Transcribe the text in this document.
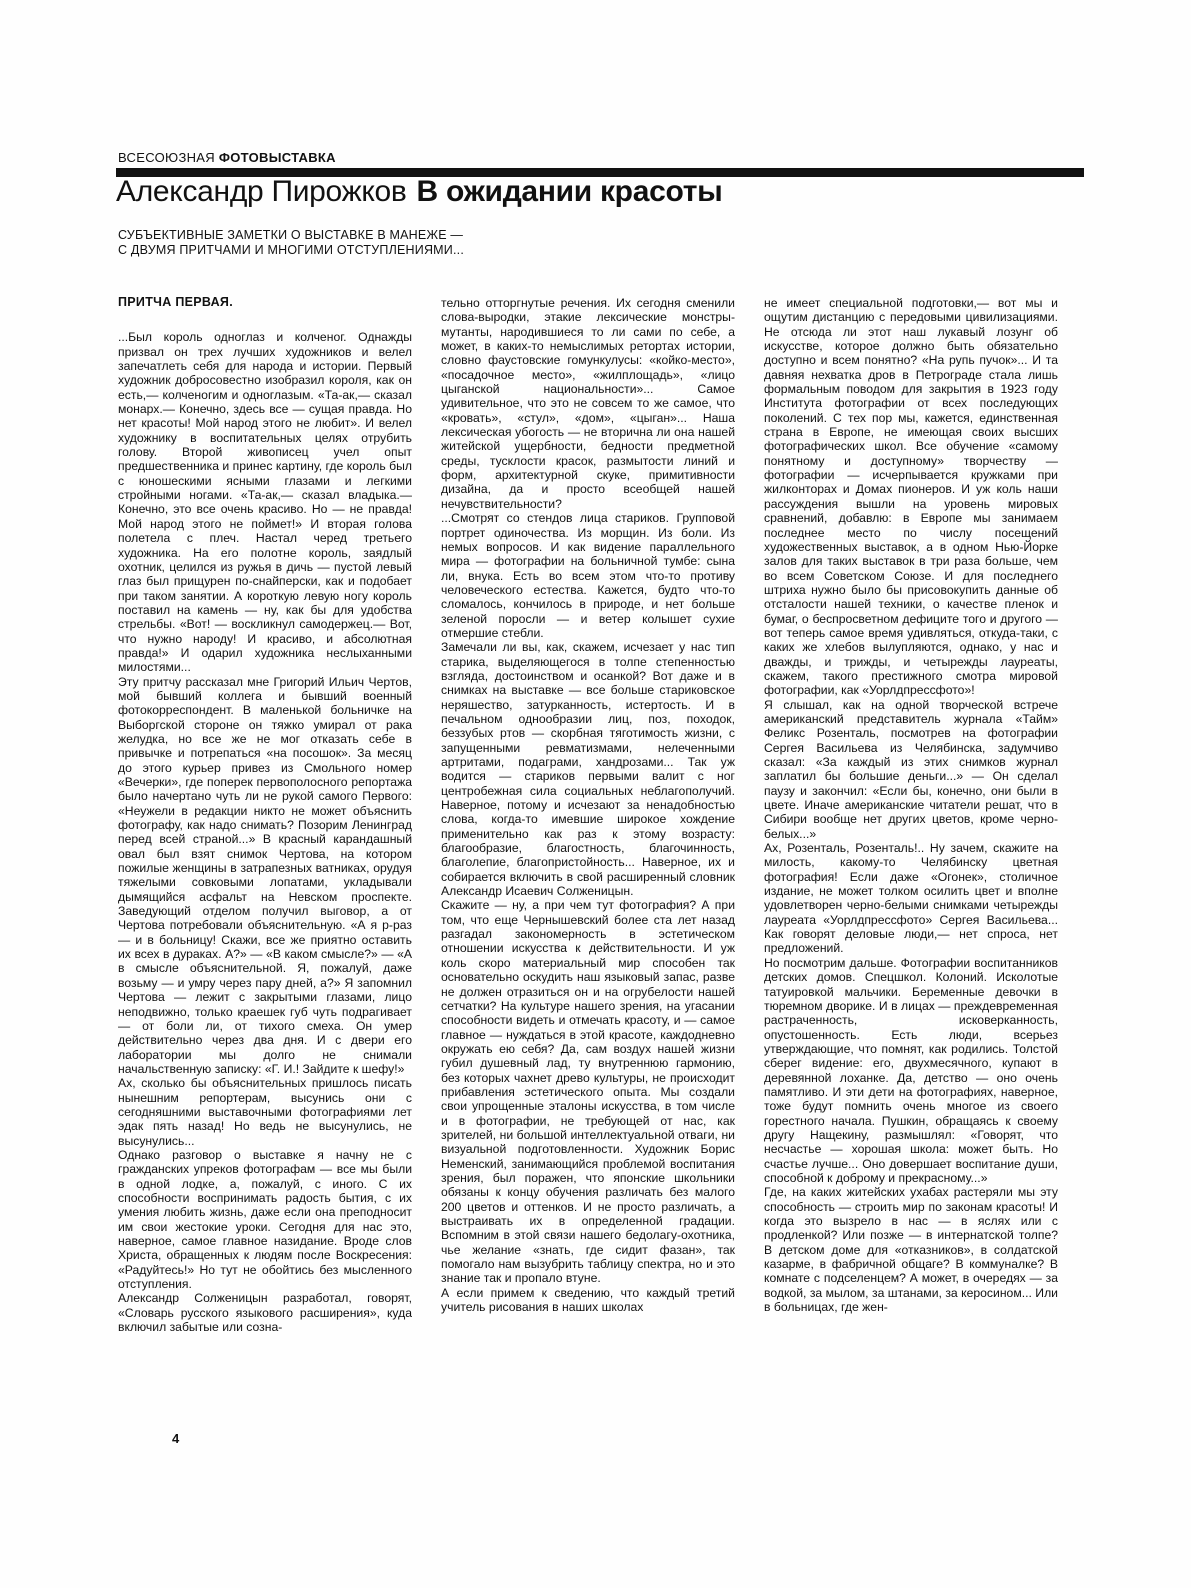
ВСЕСОЮЗНАЯ ФОТОВЫСТАВКА
Александр Пирожков В ожидании красоты
СУБЪЕКТИВНЫЕ ЗАМЕТКИ О ВЫСТАВКЕ В МАНЕЖЕ —
С ДВУМЯ ПРИТЧАМИ И МНОГИМИ ОТСТУПЛЕНИЯМИ...
ПРИТЧА ПЕРВАЯ.

...Был король одноглаз и колченог. Однажды призвал он трех лучших художников и велел запечатлеть себя для народа и истории. Первый художник добросовестно изобразил короля, как он есть,— колченогим и одноглазым. «Та-ак,— сказал монарх.— Конечно, здесь все — сущая правда. Но нет красоты! Мой народ этого не любит». И велел художнику в воспитательных целях отрубить голову. Второй живописец учел опыт предшественника и принес картину, где король был с юношескими ясными глазами и легкими стройными ногами. «Та-ак,— сказал владыка.— Конечно, это все очень красиво. Но — не правда! Мой народ этого не поймет!» И вторая голова полетела с плеч. Настал черед третьего художника. На его полотне король, заядлый охотник, целился из ружья в дичь — пустой левый глаз был прищурен по-снайперски, как и подобает при таком занятии. А короткую левую ногу король поставил на камень — ну, как бы для удобства стрельбы. «Вот! — воскликнул самодержец.— Вот, что нужно народу! И красиво, и абсолютная правда!» И одарил художника неслыханными милостями...

Эту притчу рассказал мне Григорий Ильич Чертов, мой бывший коллега и бывший военный фотокорреспондент. В маленькой больничке на Выборгской стороне он тяжко умирал от рака желудка, но все же не мог отказать себе в привычке и потрепаться «на посошок». За месяц до этого курьер привез из Смольного номер «Вечерки», где поперек первополосного репортажа было начертано чуть ли не рукой самого Первого: «Неужели в редакции никто не может объяснить фотографу, как надо снимать? Позорим Ленинград перед всей страной...» В красный карандашный овал был взят снимок Чертова, на котором пожилые женщины в затрапезных ватниках, орудуя тяжелыми совковыми лопатами, укладывали дымящийся асфальт на Невском проспекте. Заведующий отделом получил выговор, а от Чертова потребовали объяснительную. «А я р-раз — и в больницу! Скажи, все же приятно оставить их всех в дураках. А?» — «В каком смысле?» — «А в смысле объяснительной. Я, пожалуй, даже возьму — и умру через пару дней, а?» Я запомнил Чертова — лежит с закрытыми глазами, лицо неподвижно, только краешек губ чуть подрагивает — от боли ли, от тихого смеха. Он умер действительно через два дня. И с двери его лаборатории мы долго не снимали начальственную записку: «Г. И.! Зайдите к шефу!»

Ах, сколько бы объяснительных пришлось писать нынешним репортерам, высунись они с сегодняшними выставочными фотографиями лет эдак пять назад! Но ведь не высунулись, не высунулись...

Однако разговор о выставке я начну не с гражданских упреков фотографам — все мы были в одной лодке, а, пожалуй, с иного. С их способности воспринимать радость бытия, с их умения любить жизнь, даже если она преподносит им свои жестокие уроки. Сегодня для нас это, наверное, самое главное назидание. Вроде слов Христа, обращенных к людям после Воскресения: «Радуйтесь!» Но тут не обойтись без мысленного отступления.

Александр Солженицын разработал, говорят, «Словарь русского языкового расширения», куда включил забытые или созна-

тельно отторгнутые речения. Их сегодня сменили слова-выродки, этакие лексические монстры-мутанты, народившиеся то ли сами по себе, а может, в каких-то немыслимых ретортах истории, словно фаустовские гомункулусы: «койко-место», «посадочное место», «жилплощадь», «лицо цыганской национальности»... Самое удивительное, что это не совсем то же самое, что «кровать», «стул», «дом», «цыган»... Наша лексическая убогость — не вторична ли она нашей житейской ущербности, бедности предметной среды, тусклости красок, размытости линий и форм, архитектурной скуке, примитивности дизайна, да и просто всеобщей нашей нечувствительности?

...Смотрят со стендов лица стариков. Групповой портрет одиночества. Из морщин. Из боли. Из немых вопросов. И как видение параллельного мира — фотографии на больничной тумбе: сына ли, внука. Есть во всем этом что-то противу человеческого естества. Кажется, будто что-то сломалось, кончилось в природе, и нет больше зеленой поросли — и ветер колышет сухие отмершие стебли.

Замечали ли вы, как, скажем, исчезает у нас тип старика, выделяющегося в толпе степенностью взгляда, достоинством и осанкой? Вот даже и в снимках на выставке — все больше стариковское неряшество, затурканность, истертость. И в печальном однообразии лиц, поз, походок, беззубых ртов — скорбная тяготимость жизни, с запущенными ревматизмами, нелеченными артритами, подаграми, хандрозами... Так уж водится — стариков первыми валит с ног центробежная сила социальных неблагополучий. Наверное, потому и исчезают за ненадобностью слова, когда-то имевшие широкое хождение применительно как раз к этому возрасту: благообразие, благостность, благочинность, благолепие, благопристойность... Наверное, их и собирается включить в свой расширенный словник Александр Исаевич Солженицын.

Скажите — ну, а при чем тут фотография? А при том, что еще Чернышевский более ста лет назад разгадал закономерность в эстетическом отношении искусства к действительности. И уж коль скоро материальный мир способен так основательно оскудить наш языковый запас, разве не должен отразиться он и на огрубелости нашей сетчатки? На культуре нашего зрения, на угасании способности видеть и отмечать красоту, и — самое главное — нуждаться в этой красоте, каждодневно окружать ею себя? Да, сам воздух нашей жизни губил душевный лад, ту внутреннюю гармонию, без которых чахнет древо культуры, не происходит прибавления эстетического опыта. Мы создали свои упрощенные эталоны искусства, в том числе и в фотографии, не требующей от нас, как зрителей, ни большой интеллектуальной отваги, ни визуальной подготовленности. Художник Борис Неменский, занимающийся проблемой воспитания зрения, был поражен, что японские школьники обязаны к концу обучения различать без малого 200 цветов и оттенков. И не просто различать, а выстраивать их в определенной градации. Вспомним в этой связи нашего бедолагу-охотника, чье желание «знать, где сидит фазан», так помогало нам вызубрить таблицу спектра, но и это знание так и пропало втуне.

А если примем к сведению, что каждый третий учитель рисования в наших школах

не имеет специальной подготовки,— вот мы и ощутим дистанцию с передовыми цивилизациями. Не отсюда ли этот наш лукавый лозунг об искусстве, которое должно быть обязательно доступно и всем понятно? «На рупь пучок»... И та давняя нехватка дров в Петрограде стала лишь формальным поводом для закрытия в 1923 году Института фотографии от всех последующих поколений. С тех пор мы, кажется, единственная страна в Европе, не имеющая своих высших фотографических школ. Все обучение «самому понятному и доступному» творчеству — фотографии — исчерпывается кружками при жилконторах и Домах пионеров. И уж коль наши рассуждения вышли на уровень мировых сравнений, добавлю: в Европе мы занимаем последнее место по числу посещений художественных выставок, а в одном Нью-Йорке залов для таких выставок в три раза больше, чем во всем Советском Союзе. И для последнего штриха нужно было бы присовокупить данные об отсталости нашей техники, о качестве пленок и бумаг, о беспросветном дефиците того и другого — вот теперь самое время удивляться, откуда-таки, с каких же хлебов вылупляются, однако, у нас и дважды, и трижды, и четырежды лауреаты, скажем, такого престижного смотра мировой фотографии, как «Уорлдпрессфото»!

Я слышал, как на одной творческой встрече американский представитель журнала «Тайм» Феликс Розенталь, посмотрев на фотографии Сергея Васильева из Челябинска, задумчиво сказал: «За каждый из этих снимков журнал заплатил бы большие деньги...» — Он сделал паузу и закончил: «Если бы, конечно, они были в цвете. Иначе американские читатели решат, что в Сибири вообще нет других цветов, кроме черно-белых...»

Ах, Розенталь, Розенталь!.. Ну зачем, скажите на милость, какому-то Челябинску цветная фотография! Если даже «Огонек», столичное издание, не может толком осилить цвет и вполне удовлетворен черно-белыми снимками четырежды лауреата «Уорлдпрессфото» Сергея Васильева... Как говорят деловые люди,— нет спроса, нет предложений.

Но посмотрим дальше. Фотографии воспитанников детских домов. Спецшкол. Колоний. Исколотые татуировкой мальчики. Беременные девочки в тюремном дворике. И в лицах — преждевременная растраченность, исковерканность, опустошенность. Есть люди, всерьез утверждающие, что помнят, как родились. Толстой сберег видение: его, двухмесячного, купают в деревянной лоханке. Да, детство — оно очень памятливо. И эти дети на фотографиях, наверное, тоже будут помнить очень многое из своего горестного начала. Пушкин, обращаясь к своему другу Нащекину, размышлял: «Говорят, что несчастье — хорошая школа: может быть. Но счастье лучше... Оно довершает воспитание души, способной к доброму и прекрасному...»

Где, на каких житейских ухабах растеряли мы эту способность — строить мир по законам красоты! И когда это вызрело в нас — в яслях или с продленкой? Или позже — в интернатской толпе? В детском доме для «отказников», в солдатской казарме, в фабричной общаге? В коммуналке? В комнате с подселенцем? А может, в очередях — за водкой, за мылом, за штанами, за керосином... Или в больницах, где жен-

4
